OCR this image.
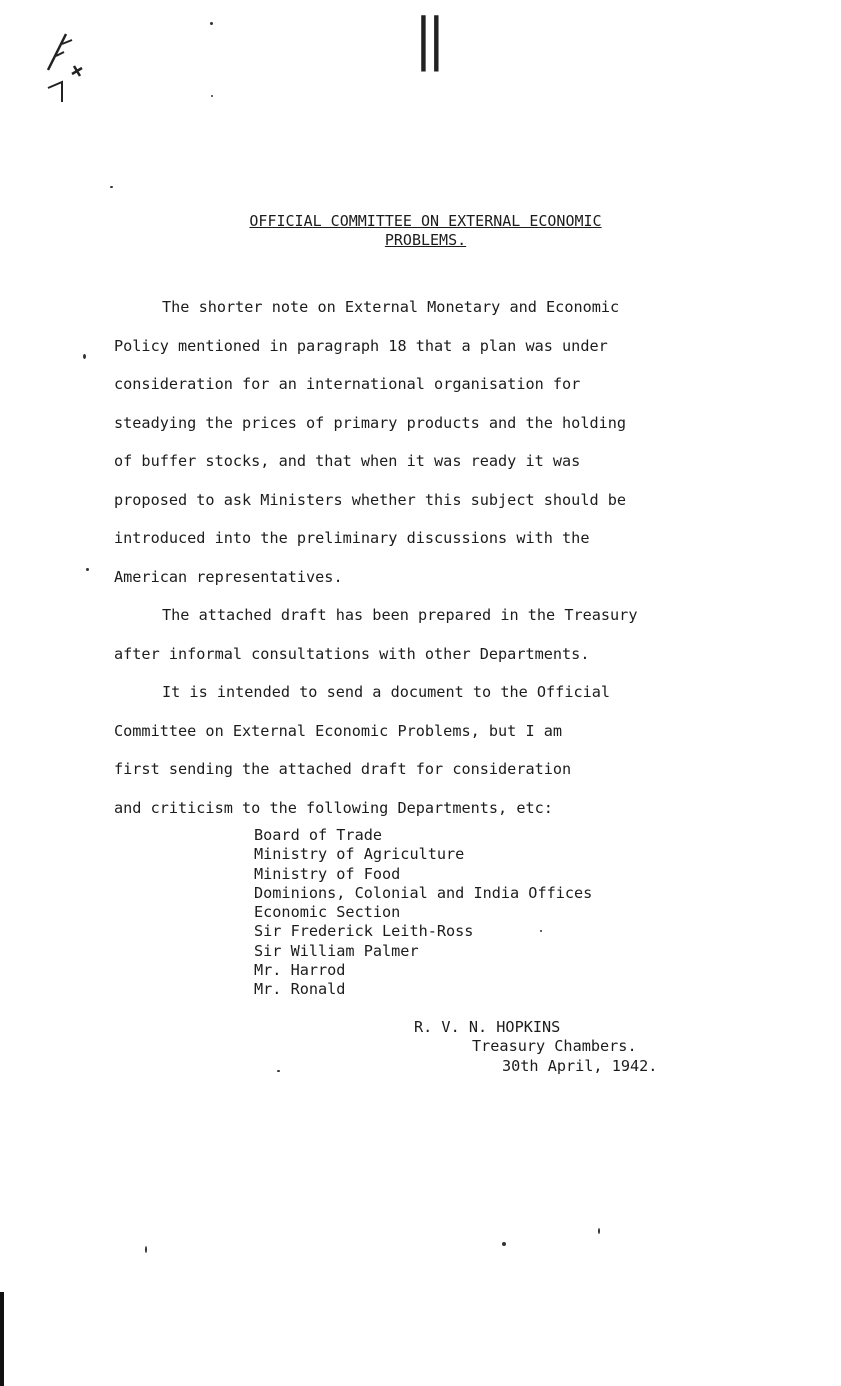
||
OFFICIAL COMMITTEE ON EXTERNAL ECONOMIC
PROBLEMS.

The shorter note on External Monetary and Economic

Policy mentioned in paragraph 18 that a plan was under

consideration for an international organisation for

steadying the prices of primary products and the holding

of buffer stocks, and that when it was ready it was

proposed to ask Ministers whether this subject should be

introduced into the preliminary discussions with the

American representatives.

The attached draft has been prepared in the Treasury

after informal consultations with other Departments.

It is intended to send a document to the Official

Committee on External Economic Problems, but I am

first sending the attached draft for consideration

and criticism to the following Departments, etc:

Board of Trade
Ministry of Agriculture
Ministry of Food
Dominions, Colonial and India Offices
Economic Section
Sir Frederick Leith-Ross
Sir William Palmer
Mr. Harrod
Mr. Ronald
R. V. N. HOPKINS
Treasury Chambers.
30th April, 1942.
